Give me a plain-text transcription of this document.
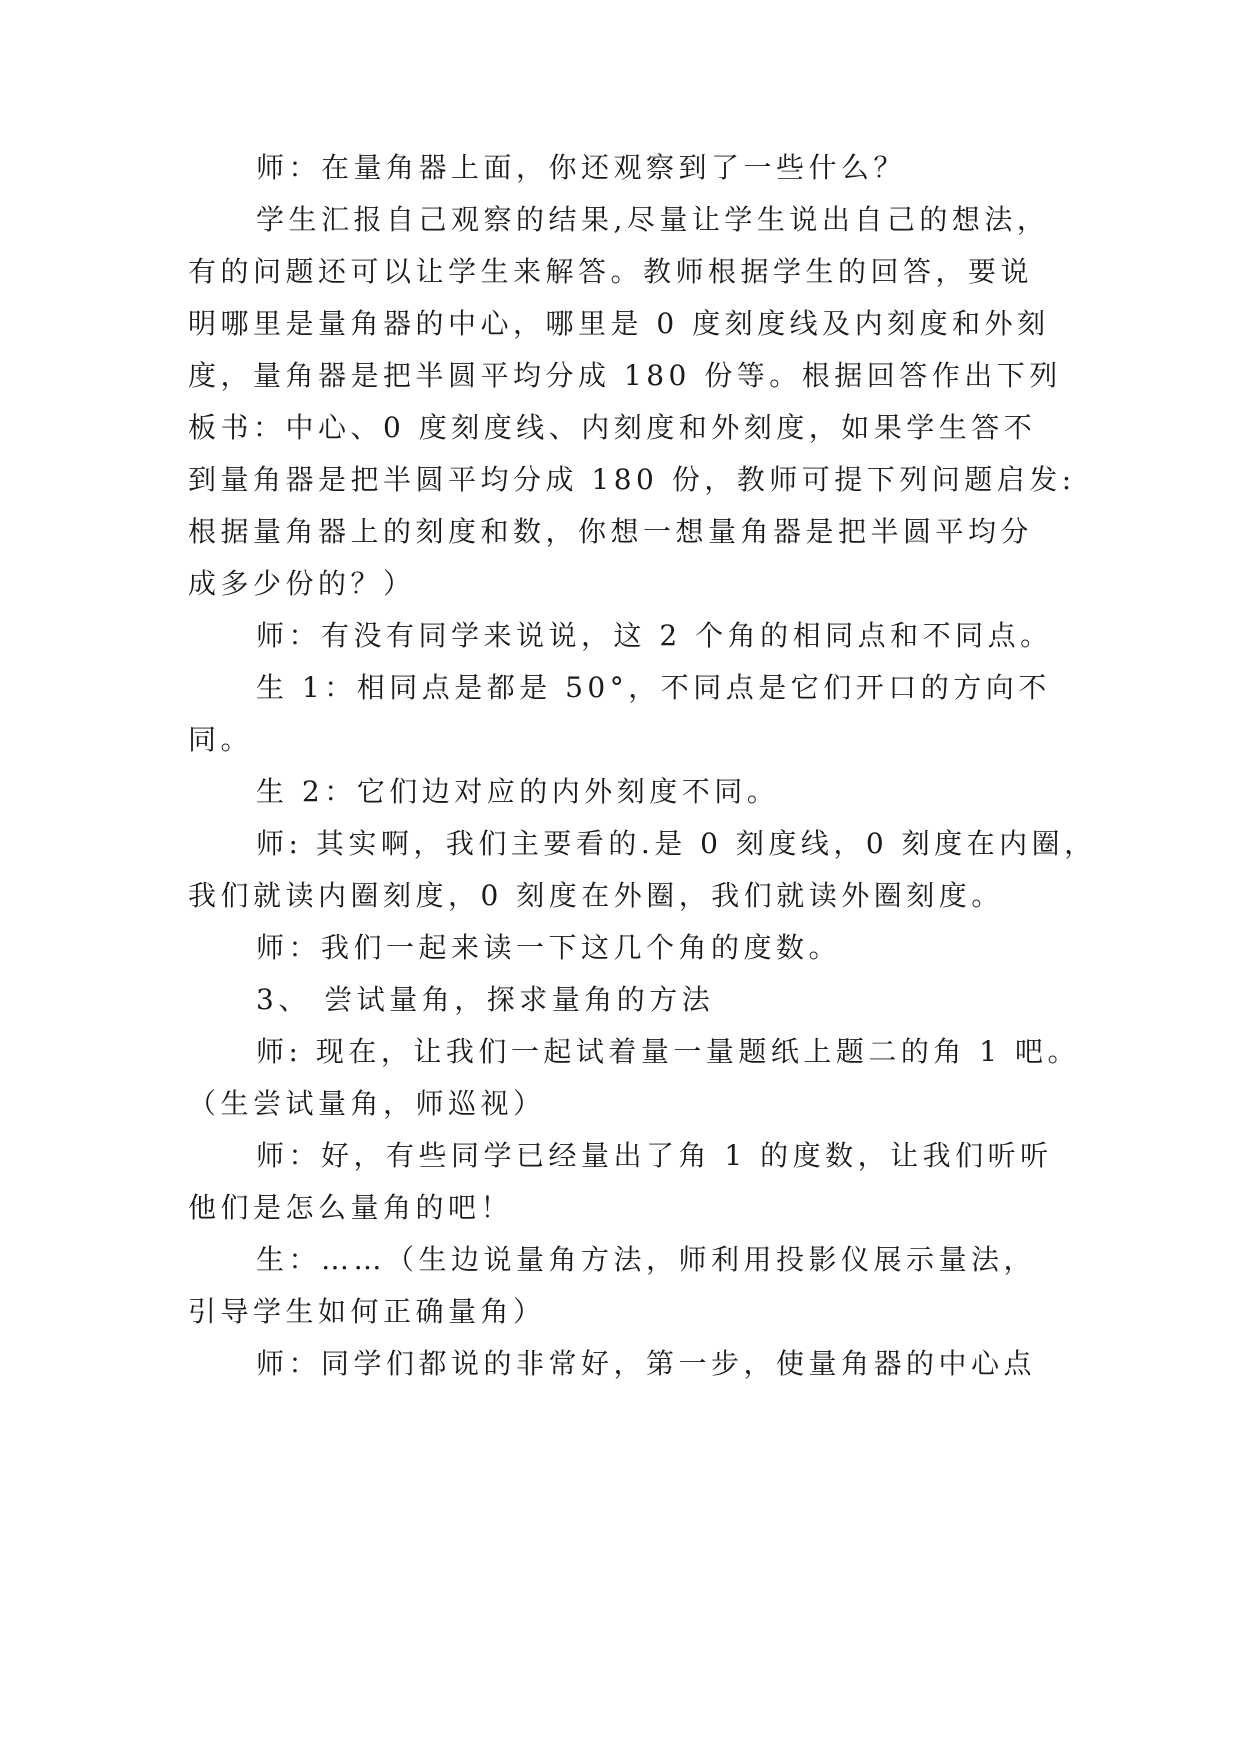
师：在量角器上面，你还观察到了一些什么？
学生汇报自己观察的结果,尽量让学生说出自己的想法，
有的问题还可以让学生来解答。教师根据学生的回答，要说
明哪里是量角器的中心，哪里是 0 度刻度线及内刻度和外刻
度，量角器是把半圆平均分成 180 份等。根据回答作出下列
板书：中心、0 度刻度线、内刻度和外刻度，如果学生答不
到量角器是把半圆平均分成 180 份，教师可提下列问题启发:
根据量角器上的刻度和数，你想一想量角器是把半圆平均分
成多少份的？）
师：有没有同学来说说，这 2 个角的相同点和不同点。
生 1：相同点是都是 50°，不同点是它们开口的方向不
同。
生 2：它们边对应的内外刻度不同。
师: 其实啊，我们主要看的.是 0 刻度线，0 刻度在内圈，
我们就读内圈刻度，0 刻度在外圈，我们就读外圈刻度。
师：我们一起来读一下这几个角的度数。
3、 尝试量角，探求量角的方法
师: 现在，让我们一起试着量一量题纸上题二的角 1 吧。
（生尝试量角，师巡视）
师：好，有些同学已经量出了角 1 的度数，让我们听听
他们是怎么量角的吧！
生：……（生边说量角方法，师利用投影仪展示量法，
引导学生如何正确量角）
师：同学们都说的非常好，第一步，使量角器的中心点
